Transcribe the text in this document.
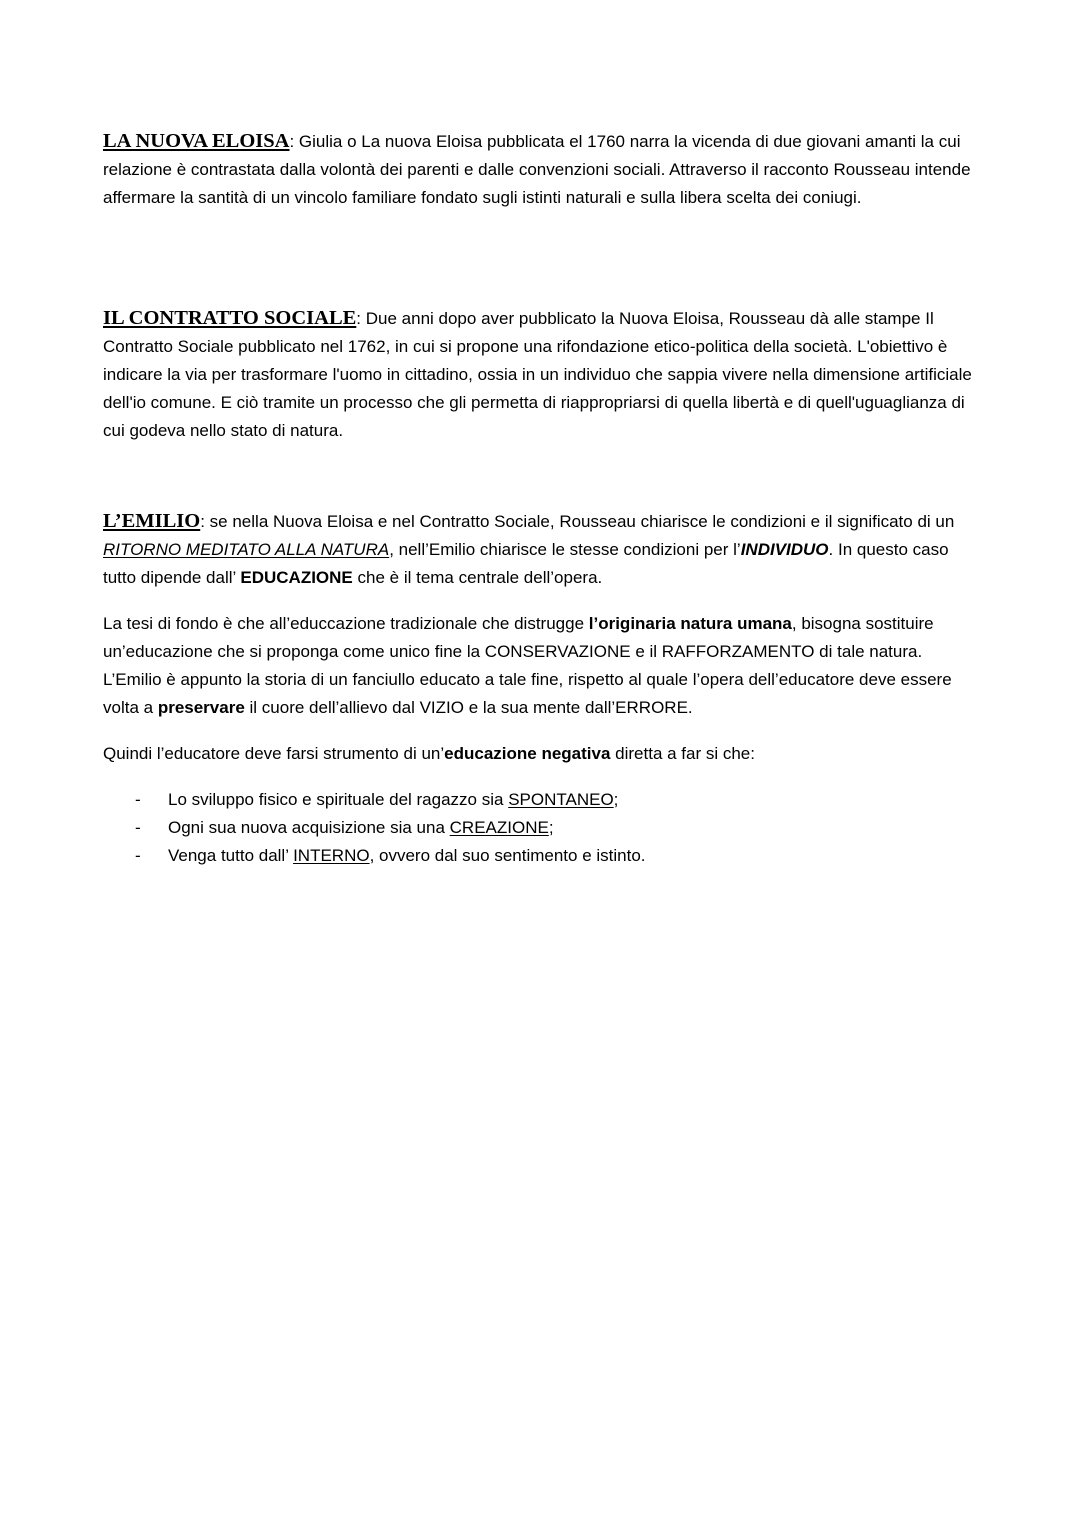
LA NUOVA ELOISA: Giulia o La nuova Eloisa pubblicata el 1760 narra la vicenda di due giovani amanti la cui relazione è contrastata dalla volontà dei parenti e dalle convenzioni sociali. Attraverso il racconto Rousseau intende affermare la santità di un vincolo familiare fondato sugli istinti naturali e sulla libera scelta dei coniugi.

IL CONTRATTO SOCIALE: Due anni dopo aver pubblicato la Nuova Eloisa, Rousseau dà alle stampe Il Contratto Sociale pubblicato nel 1762, in cui si propone una rifondazione etico-politica della società. L'obiettivo è indicare la via per trasformare l'uomo in cittadino, ossia in un individuo che sappia vivere nella dimensione artificiale dell'io comune. E ciò tramite un processo che gli permetta di riappropriarsi di quella libertà e di quell'uguaglianza di cui godeva nello stato di natura.

L’EMILIO: se nella Nuova Eloisa e nel Contratto Sociale, Rousseau chiarisce le condizioni e il significato di un RITORNO MEDITATO ALLA NATURA, nell’Emilio chiarisce le stesse condizioni per l’INDIVIDUO. In questo caso tutto dipende dall’ EDUCAZIONE che è il tema centrale dell’opera.

La tesi di fondo è che all’educcazione tradizionale che distrugge l’originaria natura umana, bisogna sostituire un’educazione che si proponga come unico fine la CONSERVAZIONE e il RAFFORZAMENTO di tale natura. L’Emilio è appunto la storia di un fanciullo educato a tale fine, rispetto al quale l’opera dell’educatore deve essere volta a preservare il cuore dell’allievo dal VIZIO e la sua mente dall’ERRORE.

Quindi l’educatore deve farsi strumento di un’educazione negativa diretta a far si che:

- Lo sviluppo fisico e spirituale del ragazzo sia SPONTANEO;
- Ogni sua nuova acquisizione sia una CREAZIONE;
- Venga tutto dall’ INTERNO, ovvero dal suo sentimento e istinto.
